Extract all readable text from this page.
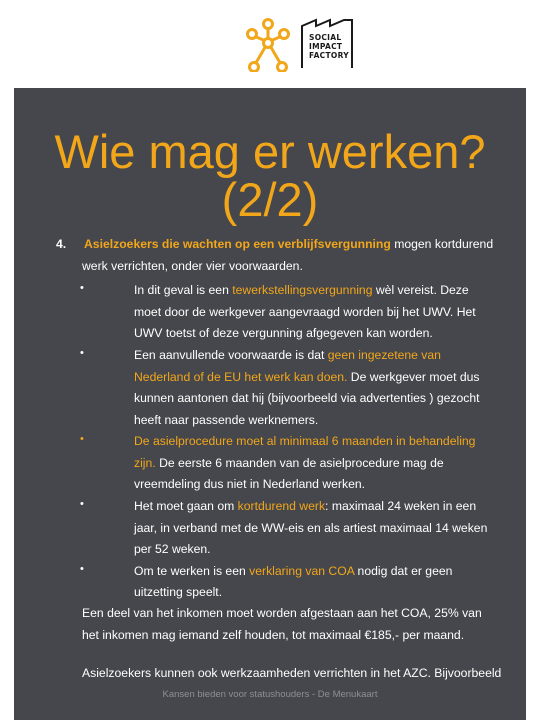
SOCIAL
IMPACT
FACTORY
Wie mag er werken?
(2/2)
4. Asielzoekers die wachten op een verblijfsvergunning mogen kortdurend
werk verrichten, onder vier voorwaarden.
•	In dit geval is een tewerkstellingsvergunning wèl vereist. Deze
moet door de werkgever aangevraagd worden bij het UWV. Het
UWV toetst of deze vergunning afgegeven kan worden.
•	Een aanvullende voorwaarde is dat geen ingezetene van
Nederland of de EU het werk kan doen. De werkgever moet dus
kunnen aantonen dat hij (bijvoorbeeld via advertenties ) gezocht
heeft naar passende werknemers.
•	De asielprocedure moet al minimaal 6 maanden in behandeling
zijn. De eerste 6 maanden van de asielprocedure mag de
vreemdeling dus niet in Nederland werken.
•	Het moet gaan om kortdurend werk: maximaal 24 weken in een
jaar, in verband met de WW-eis en als artiest maximaal 14 weken
per 52 weken.
•	Om te werken is een verklaring van COA nodig dat er geen
uitzetting speelt.
Een deel van het inkomen moet worden afgestaan aan het COA, 25% van
het inkomen mag iemand zelf houden, tot maximaal €185,- per maand.
Asielzoekers kunnen ook werkzaamheden verrichten in het AZC. Bijvoorbeeld
Kansen bieden voor statushouders - De Menukaart
